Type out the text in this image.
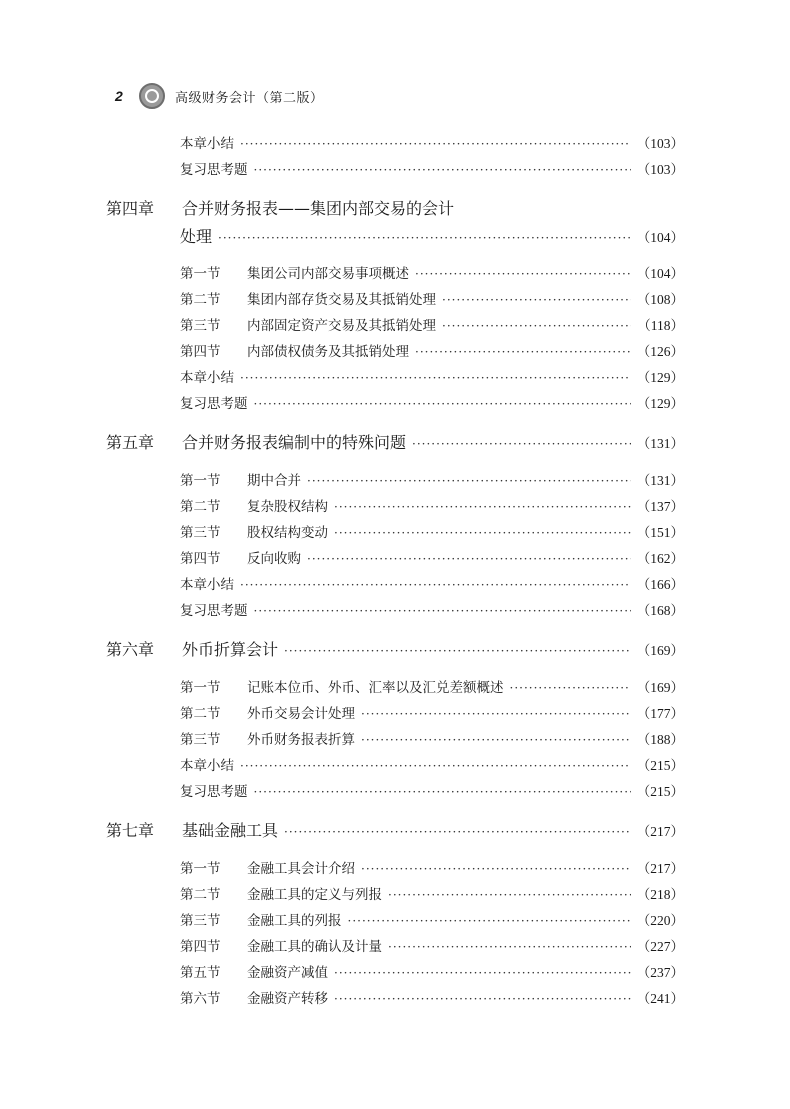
2	高级财务会计（第二版）
本章小结 ·····	（103）
复习思考题 ·····	（103）
第四章	合并财务报表——集团内部交易的会计
处理 ·····	（104）
第一节	集团公司内部交易事项概述 ·····	（104）
第二节	集团内部存货交易及其抵销处理 ·····	（108）
第三节	内部固定资产交易及其抵销处理 ·····	（118）
第四节	内部债权债务及其抵销处理 ·····	（126）
本章小结 ·····	（129）
复习思考题 ·····	（129）
第五章	合并财务报表编制中的特殊问题 ·····	（131）
第一节	期中合并 ·····	（131）
第二节	复杂股权结构 ·····	（137）
第三节	股权结构变动 ·····	（151）
第四节	反向收购 ·····	（162）
本章小结 ·····	（166）
复习思考题 ·····	（168）
第六章	外币折算会计 ·····	（169）
第一节	记账本位币、外币、汇率以及汇兑差额概述 ·····	（169）
第二节	外币交易会计处理 ·····	（177）
第三节	外币财务报表折算 ·····	（188）
本章小结 ·····	（215）
复习思考题 ·····	（215）
第七章	基础金融工具 ·····	（217）
第一节	金融工具会计介绍 ·····	（217）
第二节	金融工具的定义与列报 ·····	（218）
第三节	金融工具的列报 ·····	（220）
第四节	金融工具的确认及计量 ·····	（227）
第五节	金融资产减值 ·····	（237）
第六节	金融资产转移 ·····	（241）
